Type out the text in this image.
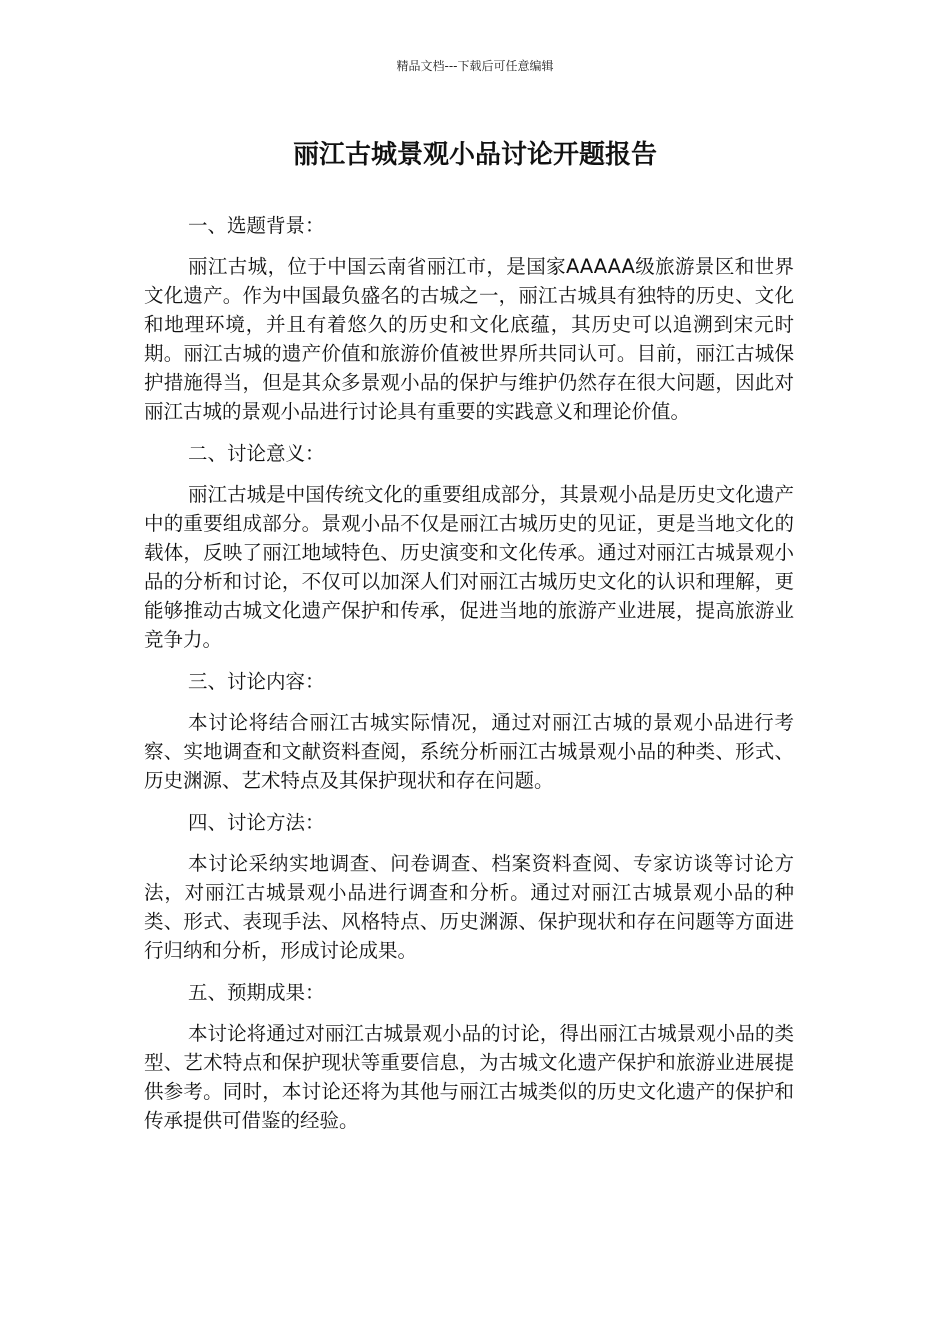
精品文档---下载后可任意编辑
丽江古城景观小品讨论开题报告

一、选题背景：

丽江古城，位于中国云南省丽江市，是国家AAAAA级旅游景区和世界文化遗产。作为中国最负盛名的古城之一，丽江古城具有独特的历史、文化和地理环境，并且有着悠久的历史和文化底蕴，其历史可以追溯到宋元时期。丽江古城的遗产价值和旅游价值被世界所共同认可。目前，丽江古城保护措施得当，但是其众多景观小品的保护与维护仍然存在很大问题，因此对丽江古城的景观小品进行讨论具有重要的实践意义和理论价值。

二、讨论意义：

丽江古城是中国传统文化的重要组成部分，其景观小品是历史文化遗产中的重要组成部分。景观小品不仅是丽江古城历史的见证，更是当地文化的载体，反映了丽江地域特色、历史演变和文化传承。通过对丽江古城景观小品的分析和讨论，不仅可以加深人们对丽江古城历史文化的认识和理解，更能够推动古城文化遗产保护和传承，促进当地的旅游产业进展，提高旅游业竞争力。

三、讨论内容：

本讨论将结合丽江古城实际情况，通过对丽江古城的景观小品进行考察、实地调查和文献资料查阅，系统分析丽江古城景观小品的种类、形式、历史渊源、艺术特点及其保护现状和存在问题。

四、讨论方法：

本讨论采纳实地调查、问卷调查、档案资料查阅、专家访谈等讨论方法，对丽江古城景观小品进行调查和分析。通过对丽江古城景观小品的种类、形式、表现手法、风格特点、历史渊源、保护现状和存在问题等方面进行归纳和分析，形成讨论成果。

五、预期成果：

本讨论将通过对丽江古城景观小品的讨论，得出丽江古城景观小品的类型、艺术特点和保护现状等重要信息，为古城文化遗产保护和旅游业进展提供参考。同时，本讨论还将为其他与丽江古城类似的历史文化遗产的保护和传承提供可借鉴的经验。
